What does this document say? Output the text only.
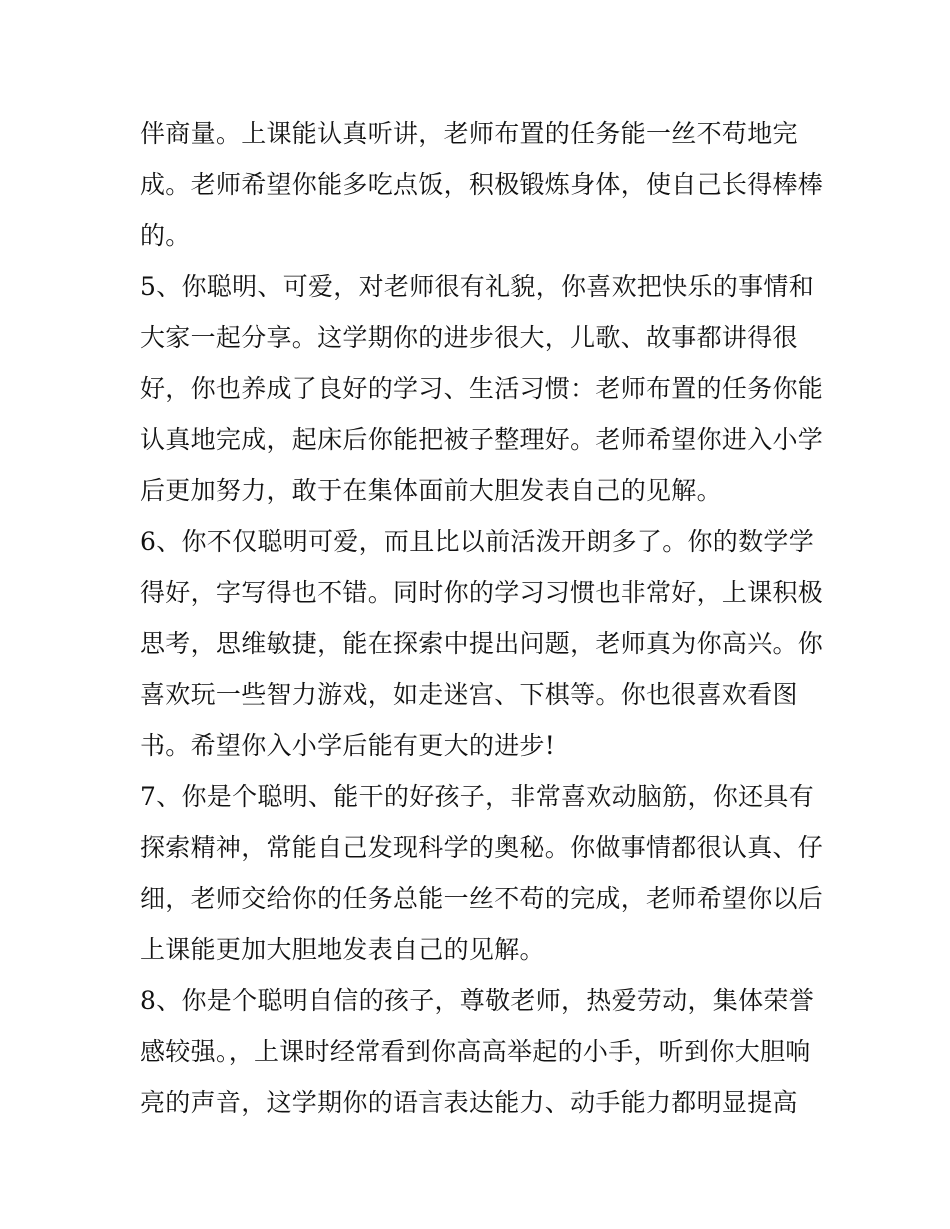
伴商量。上课能认真听讲，老师布置的任务能一丝不苟地完
成。老师希望你能多吃点饭，积极锻炼身体，使自己长得棒棒
的。
5、你聪明、可爱，对老师很有礼貌，你喜欢把快乐的事情和
大家一起分享。这学期你的进步很大，儿歌、故事都讲得很
好，你也养成了良好的学习、生活习惯：老师布置的任务你能
认真地完成，起床后你能把被子整理好。老师希望你进入小学
后更加努力，敢于在集体面前大胆发表自己的见解。
6、你不仅聪明可爱，而且比以前活泼开朗多了。你的数学学
得好，字写得也不错。同时你的学习习惯也非常好，上课积极
思考，思维敏捷，能在探索中提出问题，老师真为你高兴。你
喜欢玩一些智力游戏，如走迷宫、下棋等。你也很喜欢看图
书。希望你入小学后能有更大的进步!
7、你是个聪明、能干的好孩子，非常喜欢动脑筋，你还具有
探索精神，常能自己发现科学的奥秘。你做事情都很认真、仔
细，老师交给你的任务总能一丝不苟的完成，老师希望你以后
上课能更加大胆地发表自己的见解。
8、你是个聪明自信的孩子，尊敬老师，热爱劳动，集体荣誉
感较强。，上课时经常看到你高高举起的小手，听到你大胆响
亮的声音，这学期你的语言表达能力、动手能力都明显提高
